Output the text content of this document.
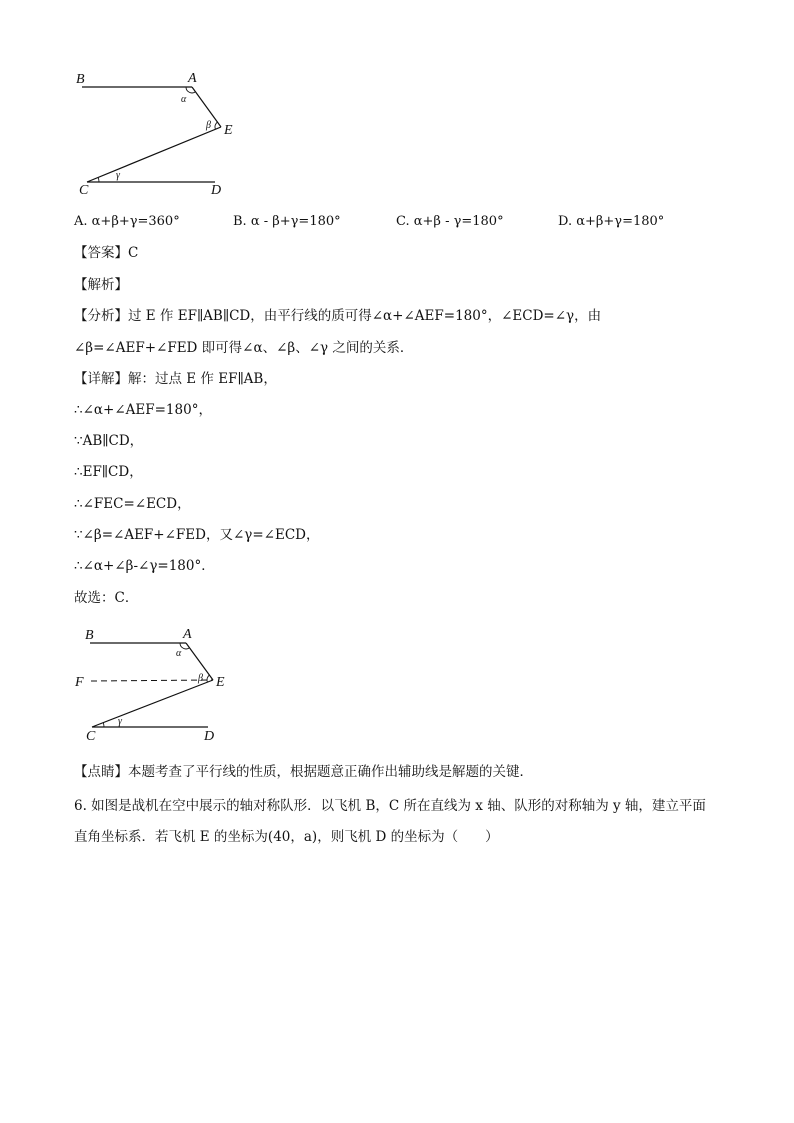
B	A
E
C	D
α
β
γ
A. α+β+γ=360°	B. α - β+γ=180°	C. α+β - γ=180°	D. α+β+γ=180°
【答案】C
【解析】
【分析】过 E 作 EF∥AB∥CD，由平行线的质可得∠α+∠AEF=180°，∠ECD=∠γ，由
∠β=∠AEF+∠FED 即可得∠α、∠β、∠γ 之间的关系．
【详解】解：过点 E 作 EF∥AB，
∴∠α+∠AEF=180°，
∵AB∥CD，
∴EF∥CD，
∴∠FEC=∠ECD，
∵∠β=∠AEF+∠FED，又∠γ=∠ECD，
∴∠α+∠β-∠γ=180°．
故选：C．
B	A
F	E
C	D
α
β
γ
【点睛】本题考查了平行线的性质，根据题意正确作出辅助线是解题的关键．
6. 如图是战机在空中展示的轴对称队形．以飞机 B，C 所在直线为 x 轴、队形的对称轴为 y 轴，建立平面
直角坐标系．若飞机 E 的坐标为(40，a)，则飞机 D 的坐标为（　　）
